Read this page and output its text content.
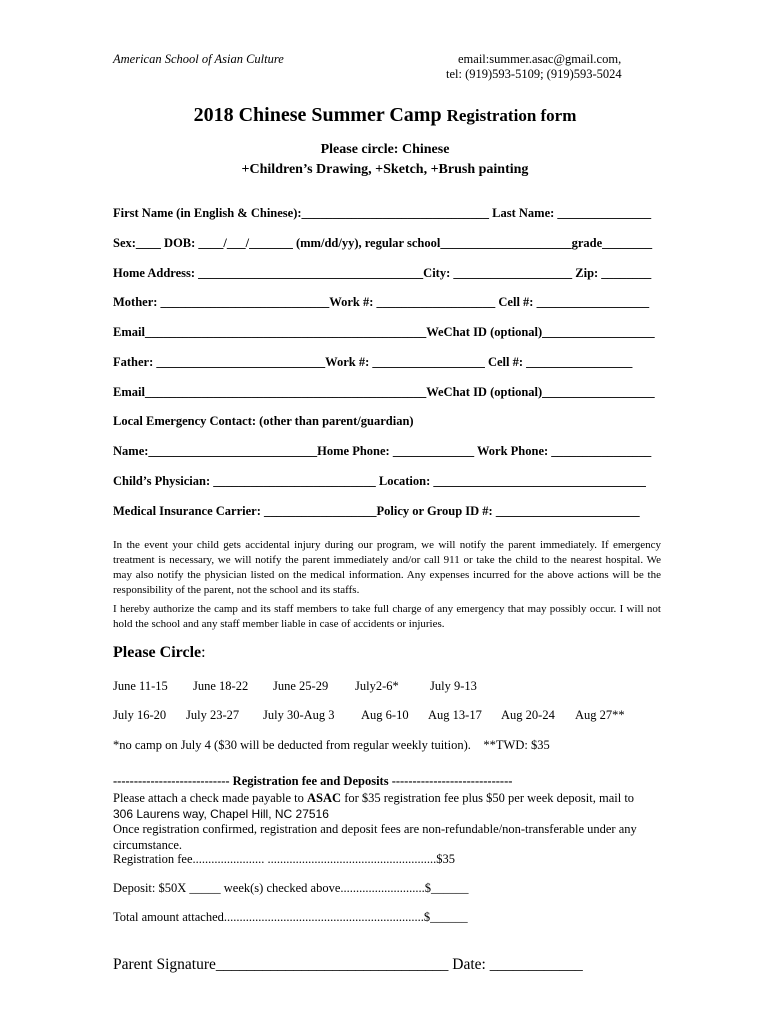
American School of Asian Culture	email:summer.asac@gmail.com,
tel: (919)593-5109; (919)593-5024
2018 Chinese Summer Camp Registration form
Please circle: Chinese
+Children’s Drawing, +Sketch, +Brush painting
First Name (in English & Chinese):______________________________ Last Name: _______________
Sex:____ DOB: ____/___/_______ (mm/dd/yy), regular school_____________________grade________
Home Address: ____________________________________City: ___________________ Zip: ________
Mother: ___________________________Work #: ___________________ Cell #: __________________
Email_____________________________________________WeChat ID (optional)__________________
Father: ___________________________Work #: __________________ Cell #: _________________
Email_____________________________________________WeChat ID (optional)__________________
Local Emergency Contact: (other than parent/guardian)
Name:___________________________Home Phone: _____________ Work Phone: ________________
Child’s Physician: __________________________ Location: __________________________________
Medical Insurance Carrier: __________________Policy or Group ID #: _______________________
In the event your child gets accidental injury during our program, we will notify the parent immediately. If emergency treatment is necessary, we will notify the parent immediately and/or call 911 or take the child to the nearest hospital. We may also notify the physician listed on the medical information. Any expenses incurred for the above actions will be the responsibility of the parent, not the school and its staffs.
I hereby authorize the camp and its staff members to take full charge of any emergency that may possibly occur. I will not hold the school and any staff member liable in case of accidents or injuries.
Please Circle:
June 11-15 June 18-22 June 25-29 July2-6*	July 9-13
July 16-20 July 23-27 July 30-Aug 3 Aug 6-10 Aug 13-17 Aug 20-24 Aug 27**
*no camp on July 4 ($30 will be deducted from regular weekly tuition).    **TWD: $35
---------------------------- Registration fee and Deposits -----------------------------
Please attach a check made payable to ASAC for $35 registration fee plus $50 per week deposit, mail to
306 Laurens way, Chapel Hill, NC 27516
Once registration confirmed, registration and deposit fees are non-refundable/non-transferable under any circumstance.
Registration fee....................... ......................................................$35
Deposit: $50X _____ week(s) checked above...........................$______
Total amount attached................................................................$______
Parent Signature______________________________ Date: ____________
